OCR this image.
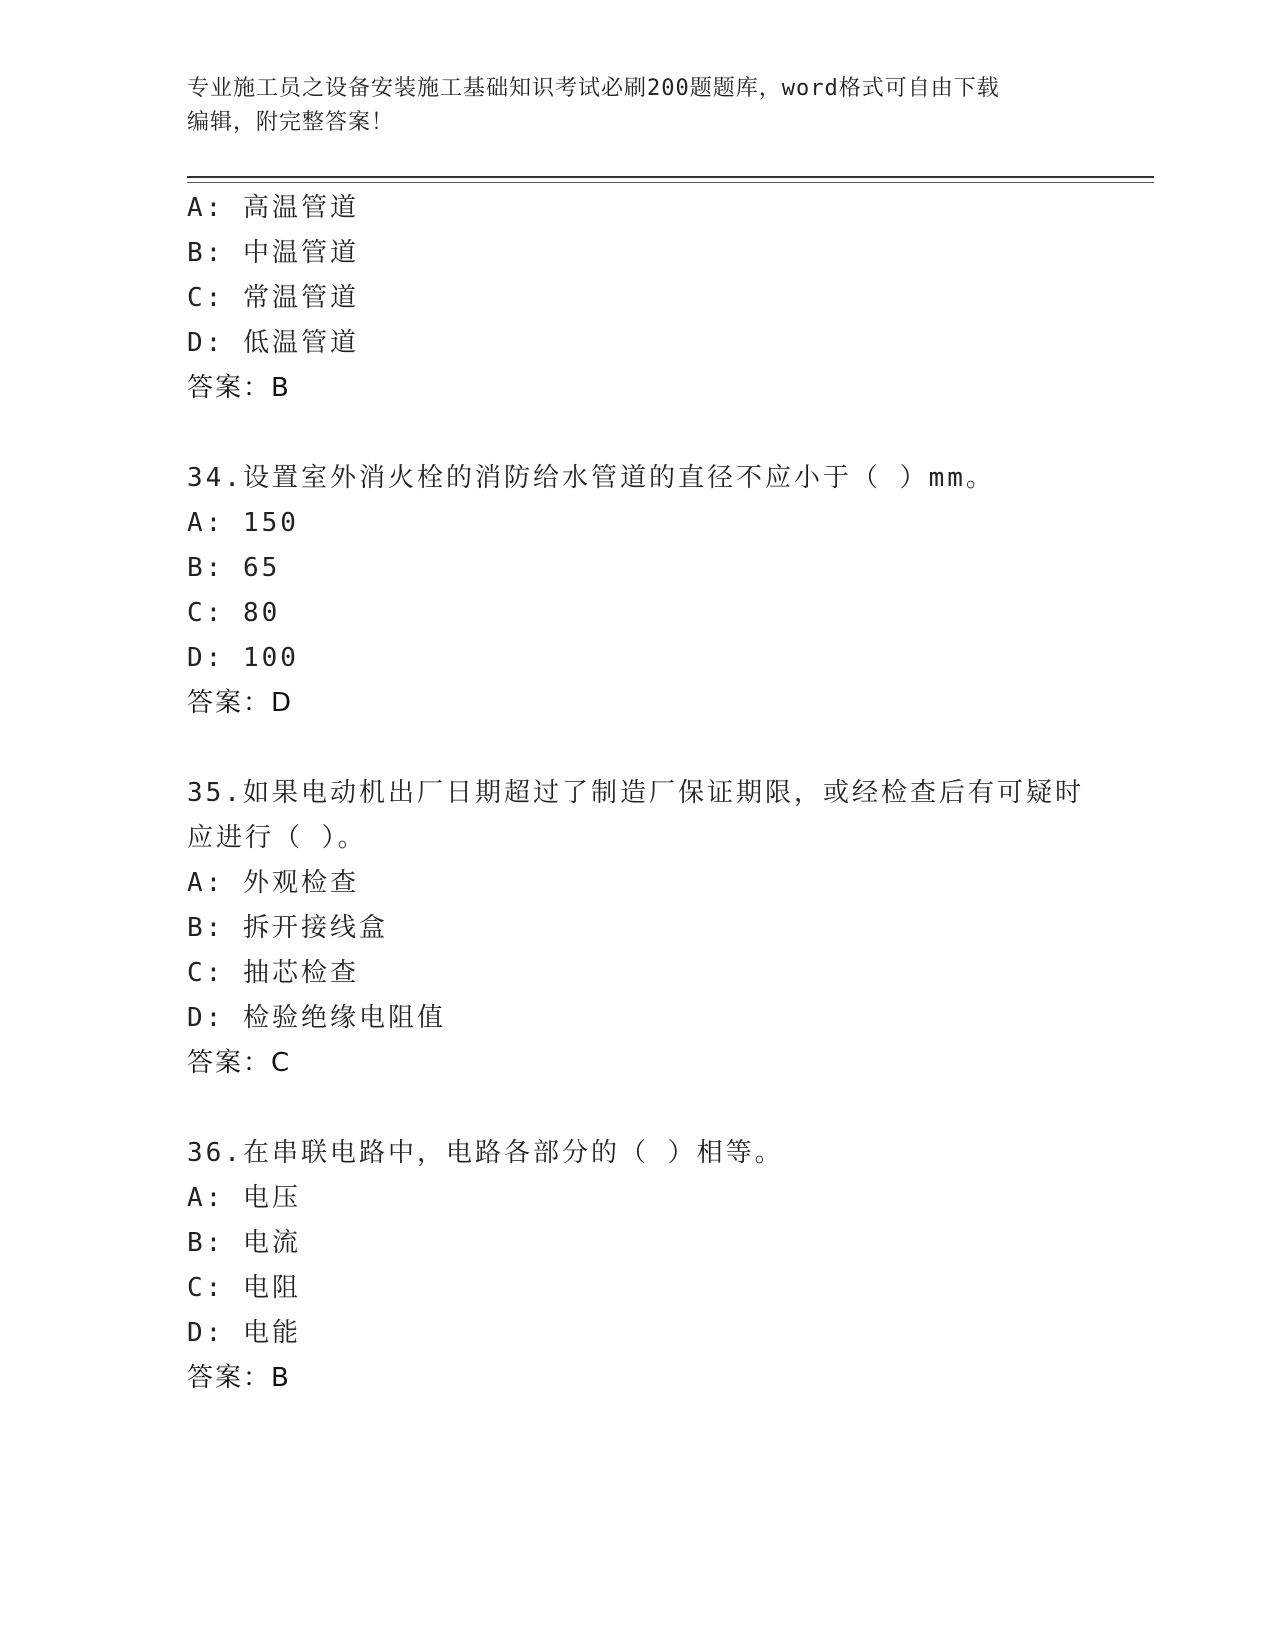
专业施工员之设备安装施工基础知识考试必刷200题题库，word格式可自由下载
编辑，附完整答案！
A: 高温管道
B: 中温管道
C: 常温管道
D: 低温管道
答案：B
34.设置室外消火栓的消防给水管道的直径不应小于（ ）mm。
A: 150
B: 65
C: 80
D: 100
答案：D
35.如果电动机出厂日期超过了制造厂保证期限，或经检查后有可疑时
应进行（ ）。
A: 外观检查
B: 拆开接线盒
C: 抽芯检查
D: 检验绝缘电阻值
答案：C
36.在串联电路中，电路各部分的（ ）相等。
A: 电压
B: 电流
C: 电阻
D: 电能
答案：B
